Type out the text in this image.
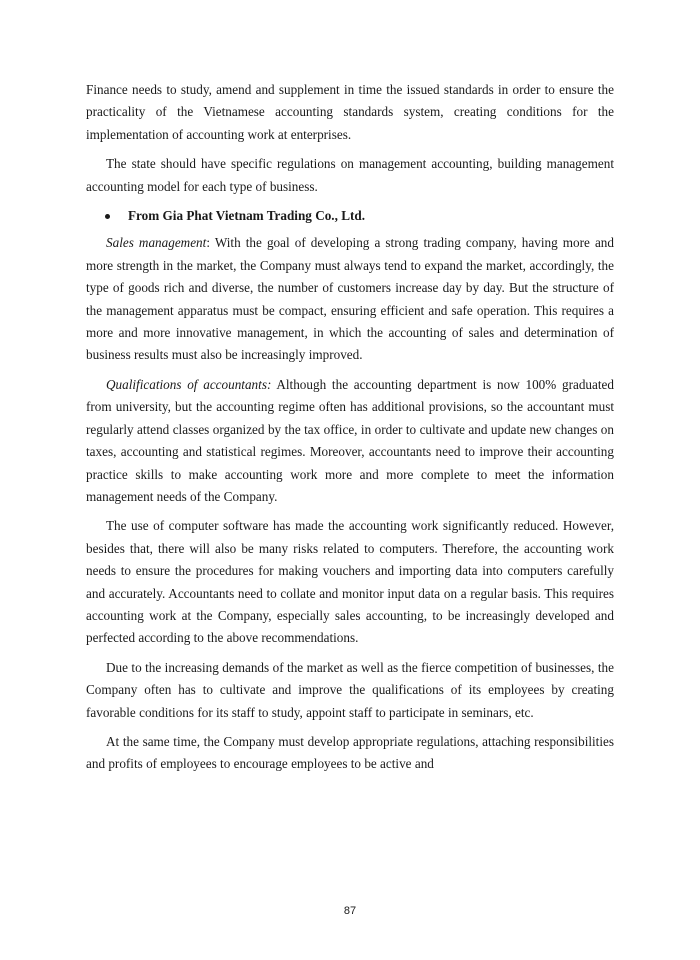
Finance needs to study, amend and supplement in time the issued standards in order to ensure the practicality of the Vietnamese accounting standards system, creating conditions for the implementation of accounting work at enterprises.

The state should have specific regulations on management accounting, building management accounting model for each type of business.

From Gia Phat Vietnam Trading Co., Ltd.

Sales management: With the goal of developing a strong trading company, having more and more strength in the market, the Company must always tend to expand the market, accordingly, the type of goods rich and diverse, the number of customers increase day by day. But the structure of the management apparatus must be compact, ensuring efficient and safe operation. This requires a more and more innovative management, in which the accounting of sales and determination of business results must also be increasingly improved.

Qualifications of accountants: Although the accounting department is now 100% graduated from university, but the accounting regime often has additional provisions, so the accountant must regularly attend classes organized by the tax office, in order to cultivate and update new changes on taxes, accounting and statistical regimes. Moreover, accountants need to improve their accounting practice skills to make accounting work more and more complete to meet the information management needs of the Company.

The use of computer software has made the accounting work significantly reduced. However, besides that, there will also be many risks related to computers. Therefore, the accounting work needs to ensure the procedures for making vouchers and importing data into computers carefully and accurately. Accountants need to collate and monitor input data on a regular basis. This requires accounting work at the Company, especially sales accounting, to be increasingly developed and perfected according to the above recommendations.

Due to the increasing demands of the market as well as the fierce competition of businesses, the Company often has to cultivate and improve the qualifications of its employees by creating favorable conditions for its staff to study, appoint staff to participate in seminars, etc.

At the same time, the Company must develop appropriate regulations, attaching responsibilities and profits of employees to encourage employees to be active and

87
